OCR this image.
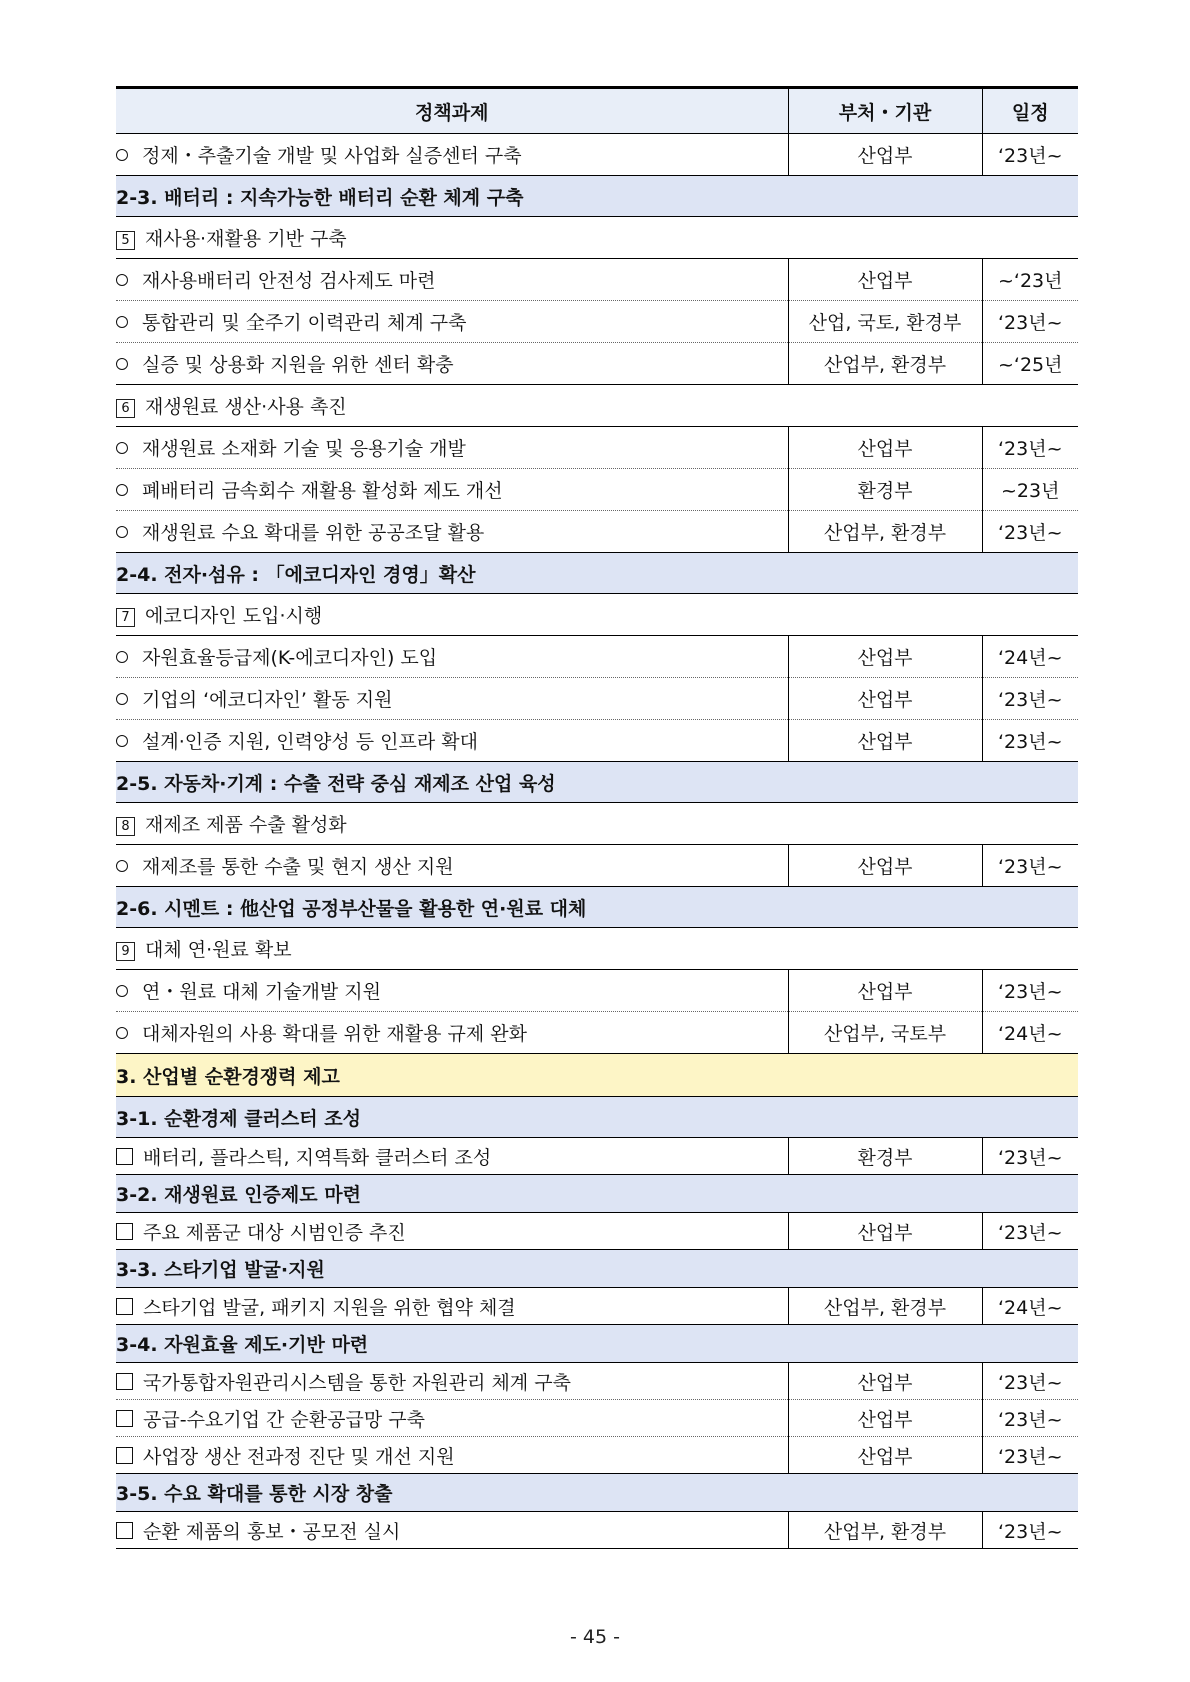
정책과제	부처・기관	일정
정제・추출기술 개발 및 사업화 실증센터 구축	산업부	‘23년~
2-3. 배터리 : 지속가능한 배터리 순환 체계 구축		
5 재사용·재활용 기반 구축		
재사용배터리 안전성 검사제도 마련	산업부	~‘23년
통합관리 및 全주기 이력관리 체계 구축	산업, 국토, 환경부	‘23년~
실증 및 상용화 지원을 위한 센터 확충	산업부, 환경부	~‘25년
6 재생원료 생산·사용 촉진		
재생원료 소재화 기술 및 응용기술 개발	산업부	‘23년~
폐배터리 금속회수 재활용 활성화 제도 개선	환경부	~23년
재생원료 수요 확대를 위한 공공조달 활용	산업부, 환경부	‘23년~
2-4. 전자·섬유 : 「에코디자인 경영」확산		
7 에코디자인 도입·시행		
자원효율등급제(K-에코디자인) 도입	산업부	‘24년~
기업의 ‘에코디자인’ 활동 지원	산업부	‘23년~
설계·인증 지원, 인력양성 등 인프라 확대	산업부	‘23년~
2-5. 자동차·기계 : 수출 전략 중심 재제조 산업 육성		
8 재제조 제품 수출 활성화		
재제조를 통한 수출 및 현지 생산 지원	산업부	‘23년~
2-6. 시멘트 : 他산업 공정부산물을 활용한 연·원료 대체		
9 대체 연·원료 확보		
연・원료 대체 기술개발 지원	산업부	‘23년~
대체자원의 사용 확대를 위한 재활용 규제 완화	산업부, 국토부	‘24년~
3. 산업별 순환경쟁력 제고		
3-1. 순환경제 클러스터 조성		
배터리, 플라스틱, 지역특화 클러스터 조성	환경부	‘23년~
3-2. 재생원료 인증제도 마련		
주요 제품군 대상 시범인증 추진	산업부	‘23년~
3-3. 스타기업 발굴·지원		
스타기업 발굴, 패키지 지원을 위한 협약 체결	산업부, 환경부	‘24년~
3-4. 자원효율 제도·기반 마련		
국가통합자원관리시스템을 통한 자원관리 체계 구축	산업부	‘23년~
공급-수요기업 간 순환공급망 구축	산업부	‘23년~
사업장 생산 전과정 진단 및 개선 지원	산업부	‘23년~
3-5. 수요 확대를 통한 시장 창출		
순환 제품의 홍보・공모전 실시	산업부, 환경부	‘23년~
- 45 -
